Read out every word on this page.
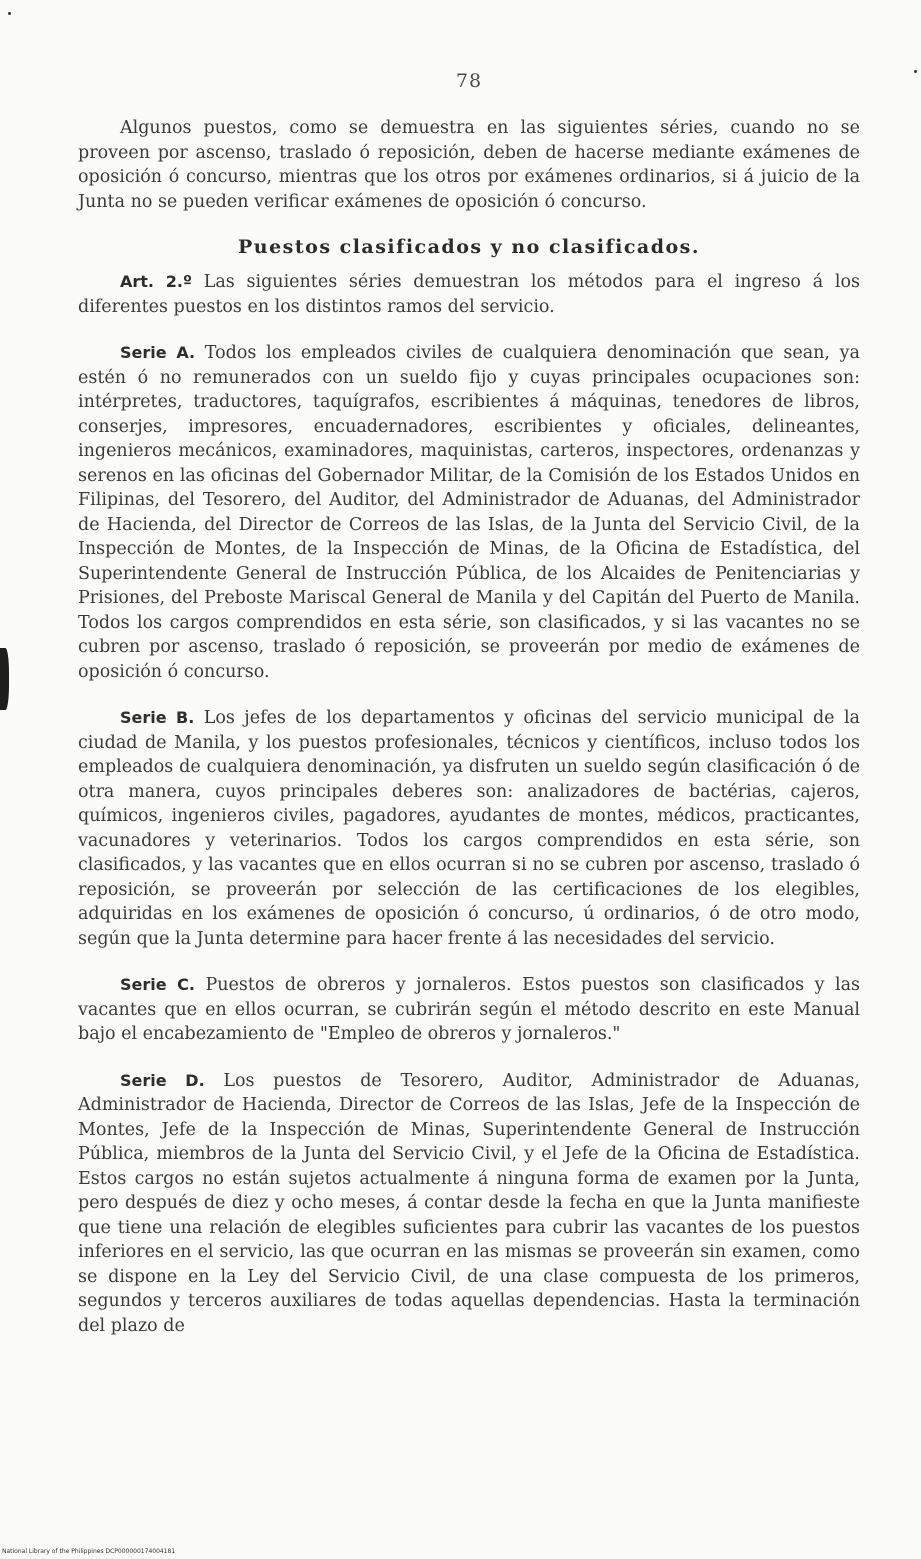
78

Algunos puestos, como se demuestra en las siguientes séries, cuando no se proveen por ascenso, traslado ó reposición, deben de hacerse mediante exámenes de oposición ó concurso, mientras que los otros por exámenes ordinarios, si á juicio de la Junta no se pueden verificar exámenes de oposición ó concurso.

Puestos clasificados y no clasificados.

Art. 2.º Las siguientes séries demuestran los métodos para el ingreso á los diferentes puestos en los distintos ramos del servicio.

Serie A. Todos los empleados civiles de cualquiera denominación que sean, ya estén ó no remunerados con un sueldo fijo y cuyas principales ocupaciones son: intérpretes, traductores, taquígrafos, escribientes á máquinas, tenedores de libros, conserjes, impresores, encuadernadores, escribientes y oficiales, delineantes, ingenieros mecánicos, examinadores, maquinistas, carteros, inspectores, ordenanzas y serenos en las oficinas del Gobernador Militar, de la Comisión de los Estados Unidos en Filipinas, del Tesorero, del Auditor, del Administrador de Aduanas, del Administrador de Hacienda, del Director de Correos de las Islas, de la Junta del Servicio Civil, de la Inspección de Montes, de la Inspección de Minas, de la Oficina de Estadística, del Superintendente General de Instrucción Pública, de los Alcaides de Penitenciarias y Prisiones, del Preboste Mariscal General de Manila y del Capitán del Puerto de Manila. Todos los cargos comprendidos en esta série, son clasificados, y si las vacantes no se cubren por ascenso, traslado ó reposición, se proveerán por medio de exámenes de oposición ó concurso.

Serie B. Los jefes de los departamentos y oficinas del servicio municipal de la ciudad de Manila, y los puestos profesionales, técnicos y científicos, incluso todos los empleados de cualquiera denominación, ya disfruten un sueldo según clasificación ó de otra manera, cuyos principales deberes son: analizadores de bactérias, cajeros, químicos, ingenieros civiles, pagadores, ayudantes de montes, médicos, practicantes, vacunadores y veterinarios. Todos los cargos comprendidos en esta série, son clasificados, y las vacantes que en ellos ocurran si no se cubren por ascenso, traslado ó reposición, se proveerán por selección de las certificaciones de los elegibles, adquiridas en los exámenes de oposición ó concurso, ú ordinarios, ó de otro modo, según que la Junta determine para hacer frente á las necesidades del servicio.

Serie C. Puestos de obreros y jornaleros. Estos puestos son clasificados y las vacantes que en ellos ocurran, se cubrirán según el método descrito en este Manual bajo el encabezamiento de "Empleo de obreros y jornaleros."

Serie D. Los puestos de Tesorero, Auditor, Administrador de Aduanas, Administrador de Hacienda, Director de Correos de las Islas, Jefe de la Inspección de Montes, Jefe de la Inspección de Minas, Superintendente General de Instrucción Pública, miembros de la Junta del Servicio Civil, y el Jefe de la Oficina de Estadística. Estos cargos no están sujetos actualmente á ninguna forma de examen por la Junta, pero después de diez y ocho meses, á contar desde la fecha en que la Junta manifieste que tiene una relación de elegibles suficientes para cubrir las vacantes de los puestos inferiores en el servicio, las que ocurran en las mismas se proveerán sin examen, como se dispone en la Ley del Servicio Civil, de una clase compuesta de los primeros, segundos y terceros auxiliares de todas aquellas dependencias. Hasta la terminación del plazo de

National Library of the Philippines DCP000000174004181
